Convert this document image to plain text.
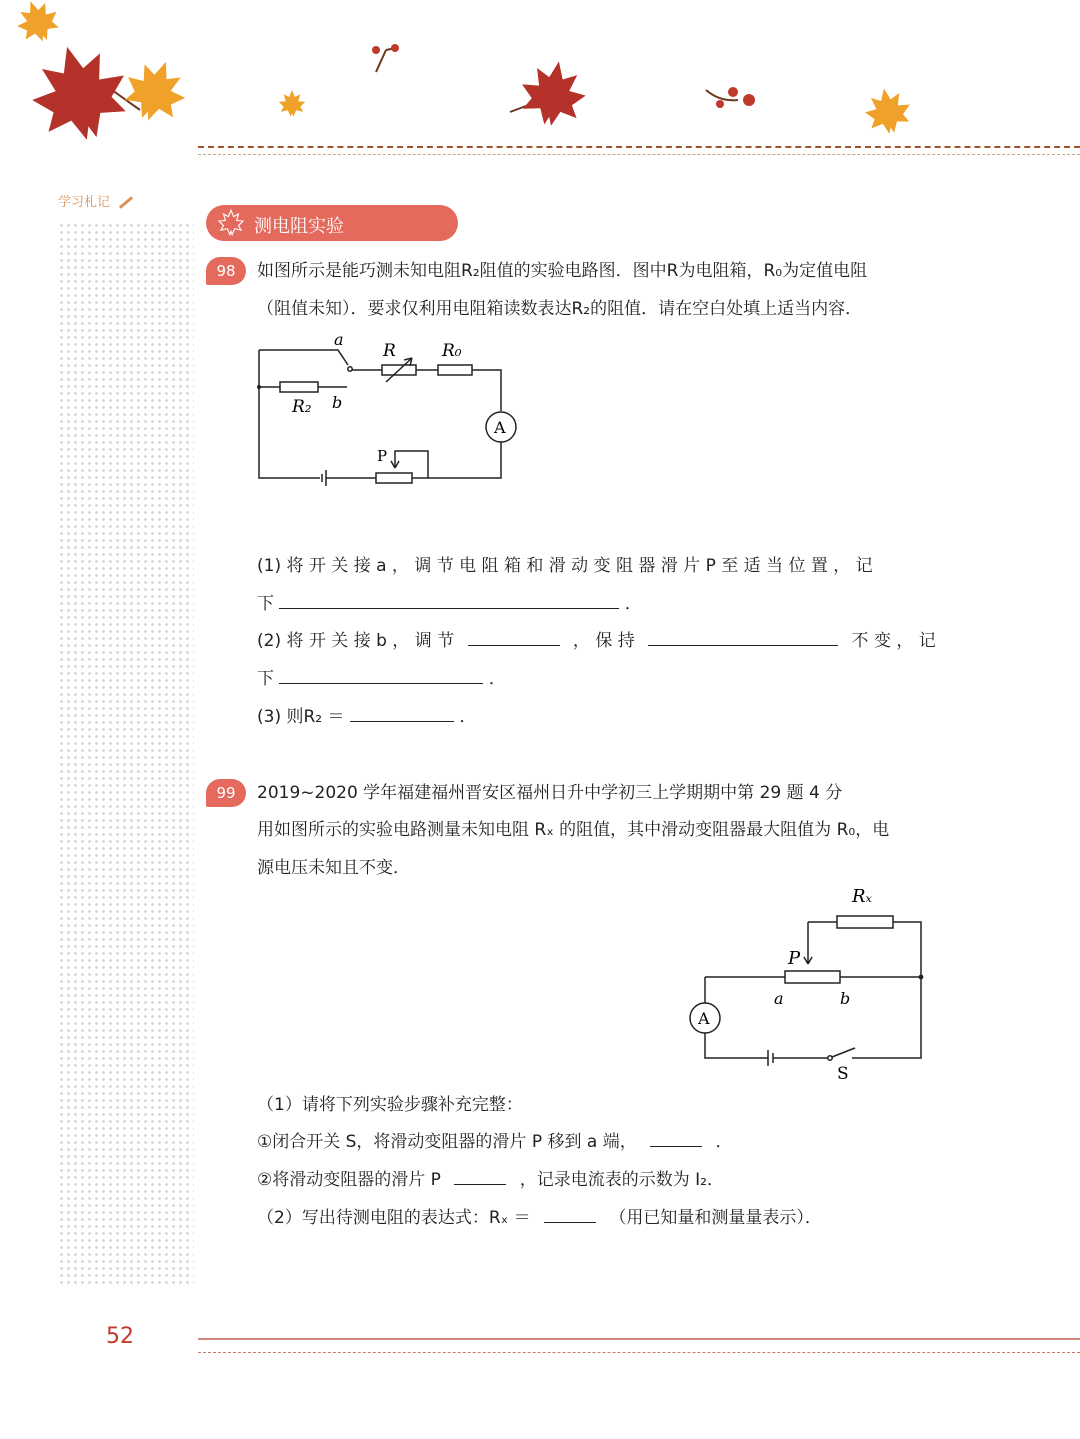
学习札记
测电阻实验
98	如图所示是能巧测未知电阻R₂阻值的实验电路图．图中R为电阻箱，R₀为定值电阻
（阻值未知）．要求仅利用电阻箱读数表达R₂的阻值．请在空白处填上适当内容．
a
b
R	R₀
R₂
A
P
(1) 将 开 关 接 a ， 调 节 电 阻 箱 和 滑 动 变 阻 器 滑 片 P 至 适 当 位 置 ， 记
下	．
(2) 将 开 关 接 b ， 调 节	， 保 持	不 变 ， 记
下	．
(3) 则R₂ ＝	．
99	2019~2020 学年福建福州晋安区福州日升中学初三上学期期中第 29 题 4 分
用如图所示的实验电路测量未知电阻 Rₓ 的阻值，其中滑动变阻器最大阻值为 R₀，电
源电压未知且不变．
Rₓ
P
a	b
A
S
（1）请将下列实验步骤补充完整：
①闭合开关 S，将滑动变阻器的滑片 P 移到 a 端，	．
②将滑动变阻器的滑片 P	，记录电流表的示数为 I₂．
（2）写出待测电阻的表达式：Rₓ ＝	（用已知量和测量量表示）．
52
